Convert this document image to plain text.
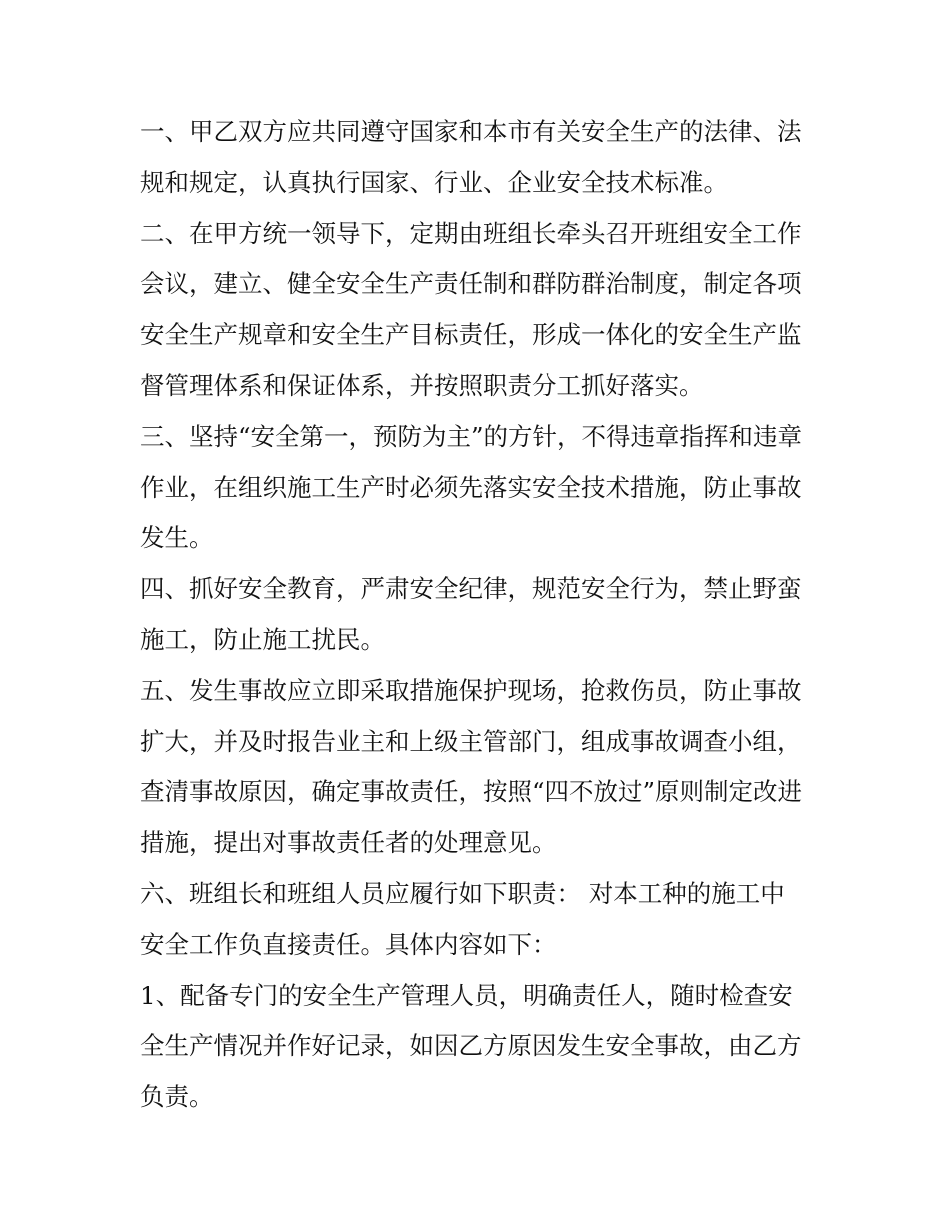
一、甲乙双方应共同遵守国家和本市有关安全生产的法律、法
规和规定，认真执行国家、行业、企业安全技术标准。
二、在甲方统一领导下，定期由班组长牵头召开班组安全工作
会议，建立、健全安全生产责任制和群防群治制度，制定各项
安全生产规章和安全生产目标责任，形成一体化的安全生产监
督管理体系和保证体系，并按照职责分工抓好落实。
三、坚持“安全第一，预防为主”的方针，不得违章指挥和违章
作业，在组织施工生产时必须先落实安全技术措施，防止事故
发生。
四、抓好安全教育，严肃安全纪律，规范安全行为，禁止野蛮
施工，防止施工扰民。
五、发生事故应立即采取措施保护现场，抢救伤员，防止事故
扩大，并及时报告业主和上级主管部门，组成事故调查小组，
查清事故原因，确定事故责任，按照“四不放过”原则制定改进
措施，提出对事故责任者的处理意见。
六、班组长和班组人员应履行如下职责： 对本工种的施工中
安全工作负直接责任。具体内容如下：
1、配备专门的安全生产管理人员，明确责任人，随时检查安
全生产情况并作好记录，如因乙方原因发生安全事故，由乙方
负责。
